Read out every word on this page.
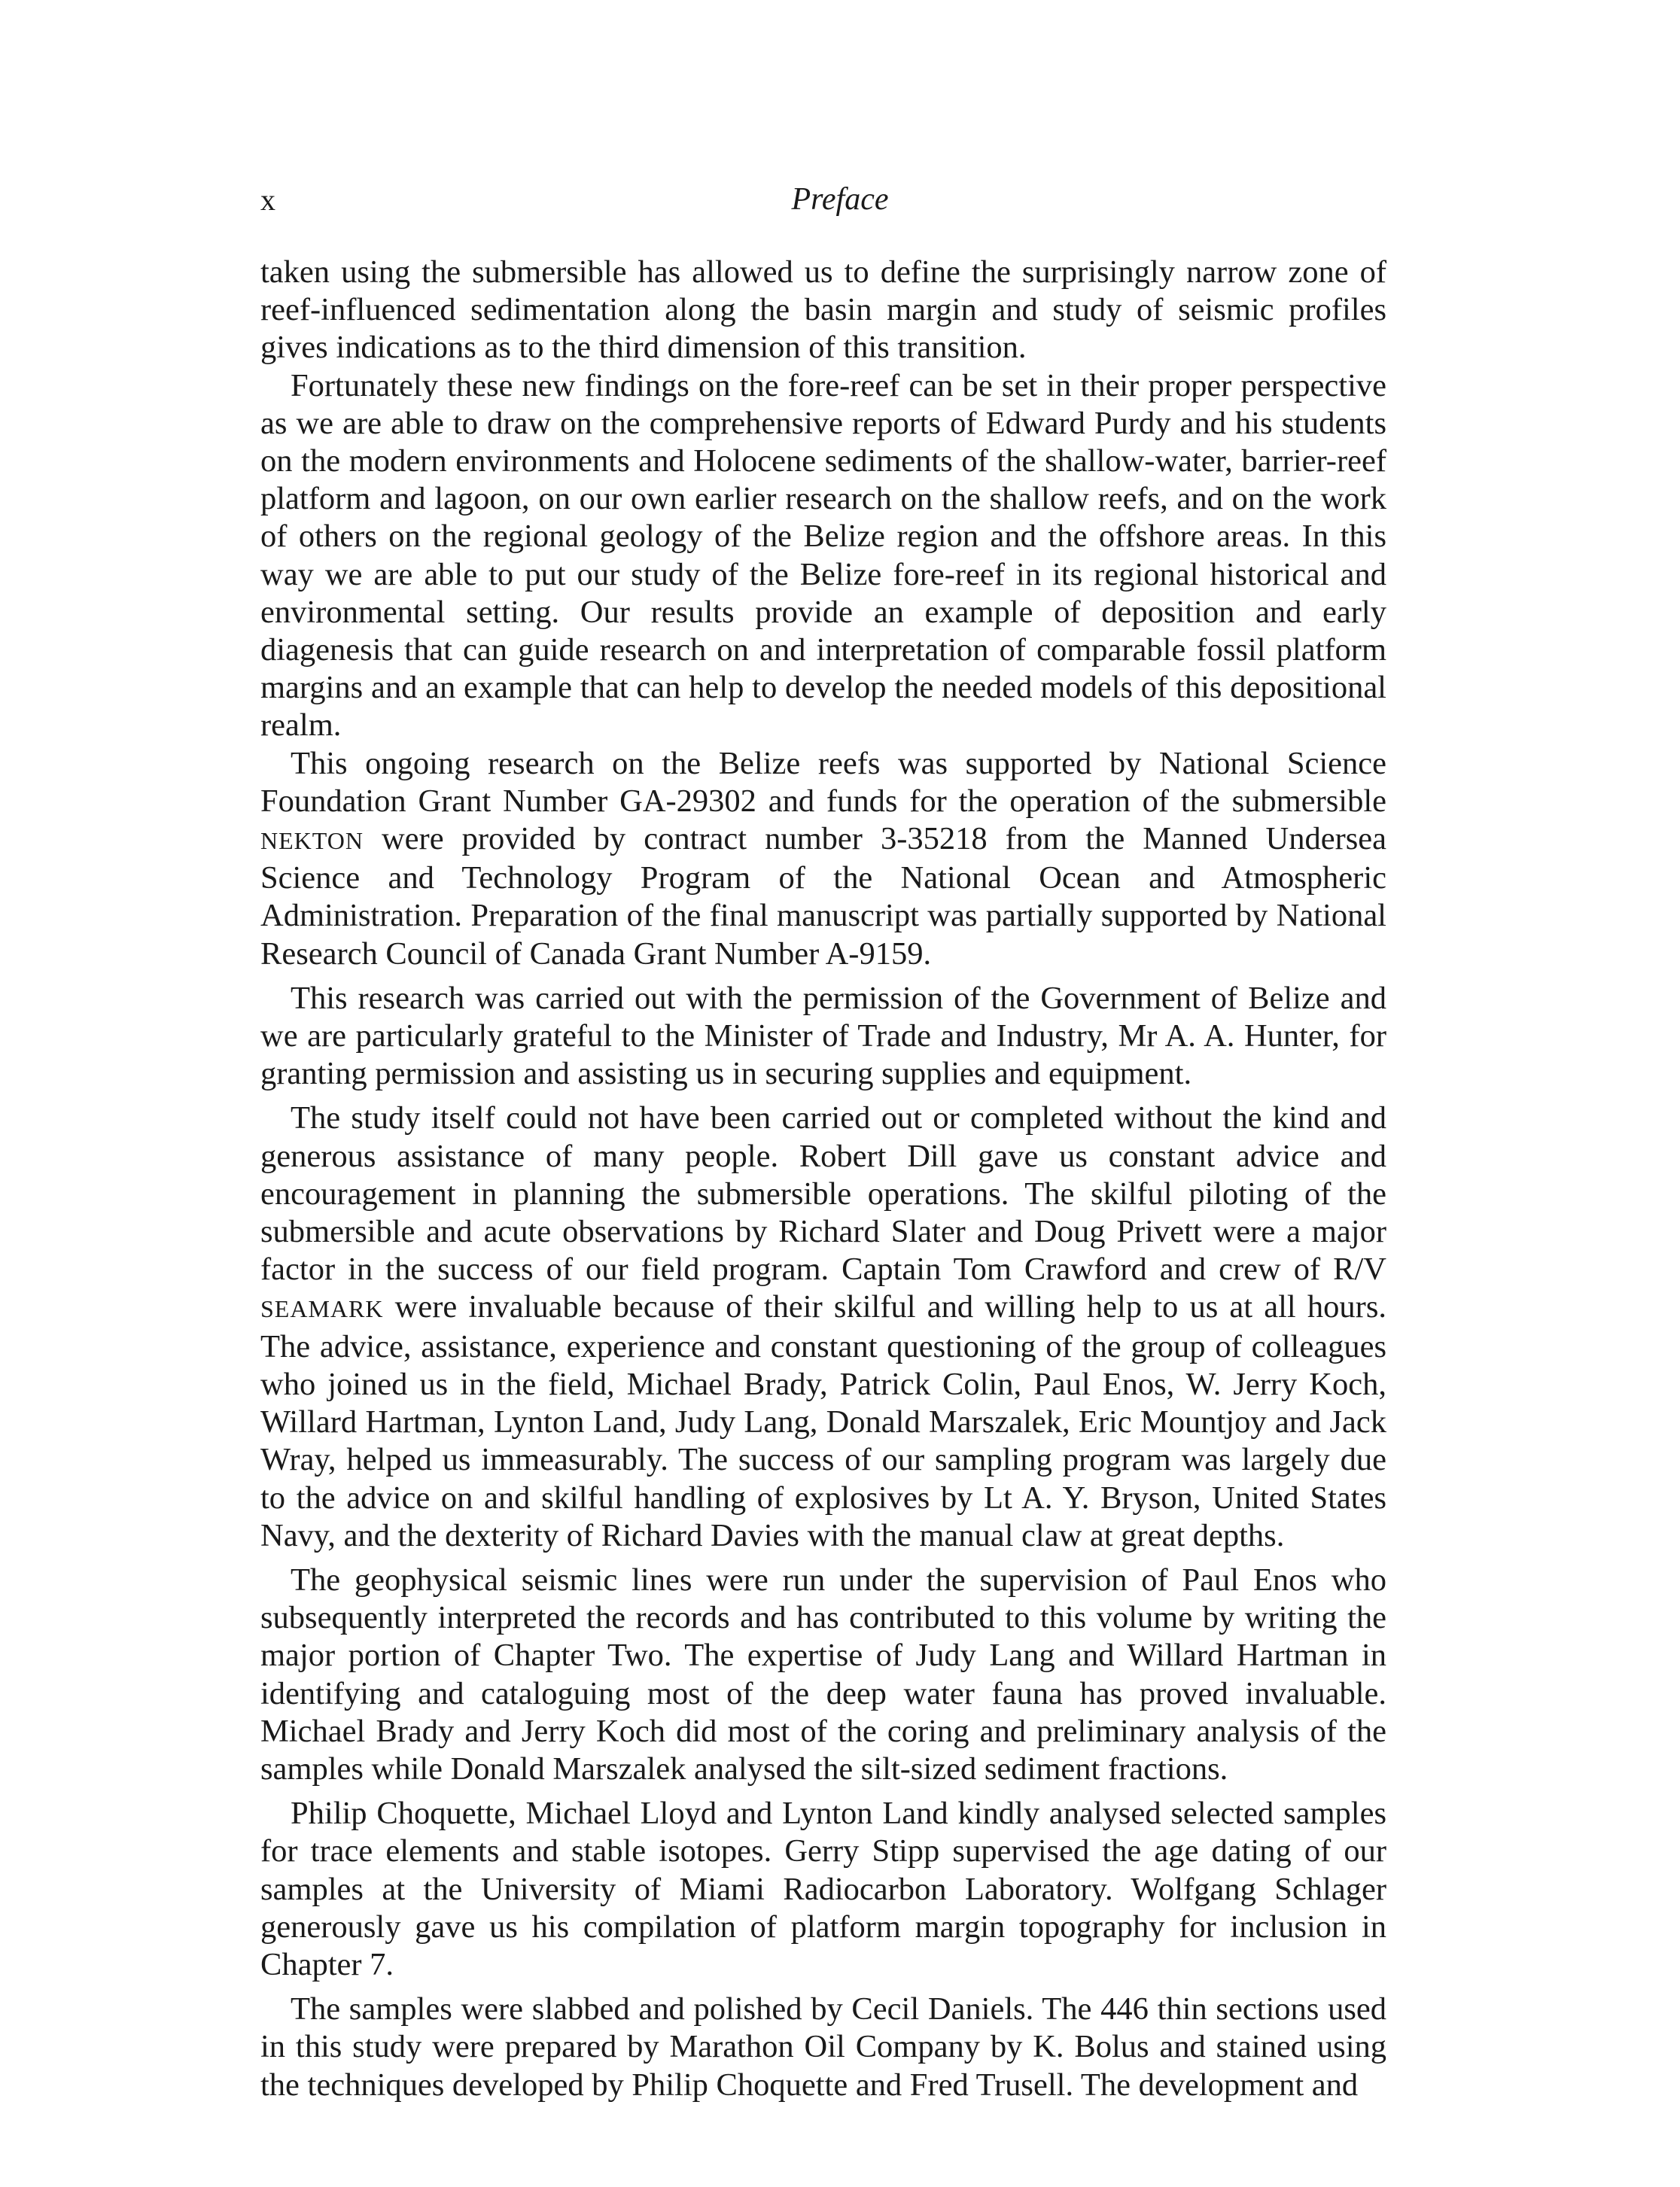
x	Preface

taken using the submersible has allowed us to define the surprisingly narrow zone of reef-influenced sedimentation along the basin margin and study of seismic profiles gives indications as to the third dimension of this transition.

Fortunately these new findings on the fore-reef can be set in their proper perspective as we are able to draw on the comprehensive reports of Edward Purdy and his students on the modern environments and Holocene sediments of the shallow-water, barrier-reef platform and lagoon, on our own earlier research on the shallow reefs, and on the work of others on the regional geology of the Belize region and the offshore areas. In this way we are able to put our study of the Belize fore-reef in its regional historical and environmental setting. Our results provide an example of deposition and early diagenesis that can guide research on and interpretation of comparable fossil platform margins and an example that can help to develop the needed models of this depositional realm.

This ongoing research on the Belize reefs was supported by National Science Foundation Grant Number GA-29302 and funds for the operation of the submersible NEKTON were provided by contract number 3-35218 from the Manned Undersea Science and Technology Program of the National Ocean and Atmospheric Administration. Preparation of the final manuscript was partially supported by National Research Council of Canada Grant Number A-9159.

This research was carried out with the permission of the Government of Belize and we are particularly grateful to the Minister of Trade and Industry, Mr A. A. Hunter, for granting permission and assisting us in securing supplies and equipment.

The study itself could not have been carried out or completed without the kind and generous assistance of many people. Robert Dill gave us constant advice and encouragement in planning the submersible operations. The skilful piloting of the submersible and acute observations by Richard Slater and Doug Privett were a major factor in the success of our field program. Captain Tom Crawford and crew of R/V SEAMARK were invaluable because of their skilful and willing help to us at all hours. The advice, assistance, experience and constant questioning of the group of colleagues who joined us in the field, Michael Brady, Patrick Colin, Paul Enos, W. Jerry Koch, Willard Hartman, Lynton Land, Judy Lang, Donald Marszalek, Eric Mountjoy and Jack Wray, helped us immeasurably. The success of our sampling program was largely due to the advice on and skilful handling of explosives by Lt A. Y. Bryson, United States Navy, and the dexterity of Richard Davies with the manual claw at great depths.

The geophysical seismic lines were run under the supervision of Paul Enos who subsequently interpreted the records and has contributed to this volume by writing the major portion of Chapter Two. The expertise of Judy Lang and Willard Hartman in identifying and cataloguing most of the deep water fauna has proved invaluable. Michael Brady and Jerry Koch did most of the coring and preliminary analysis of the samples while Donald Marszalek analysed the silt-sized sediment fractions.

Philip Choquette, Michael Lloyd and Lynton Land kindly analysed selected samples for trace elements and stable isotopes. Gerry Stipp supervised the age dating of our samples at the University of Miami Radiocarbon Laboratory. Wolfgang Schlager generously gave us his compilation of platform margin topography for inclusion in Chapter 7.

The samples were slabbed and polished by Cecil Daniels. The 446 thin sections used in this study were prepared by Marathon Oil Company by K. Bolus and stained using the techniques developed by Philip Choquette and Fred Trusell. The development and
